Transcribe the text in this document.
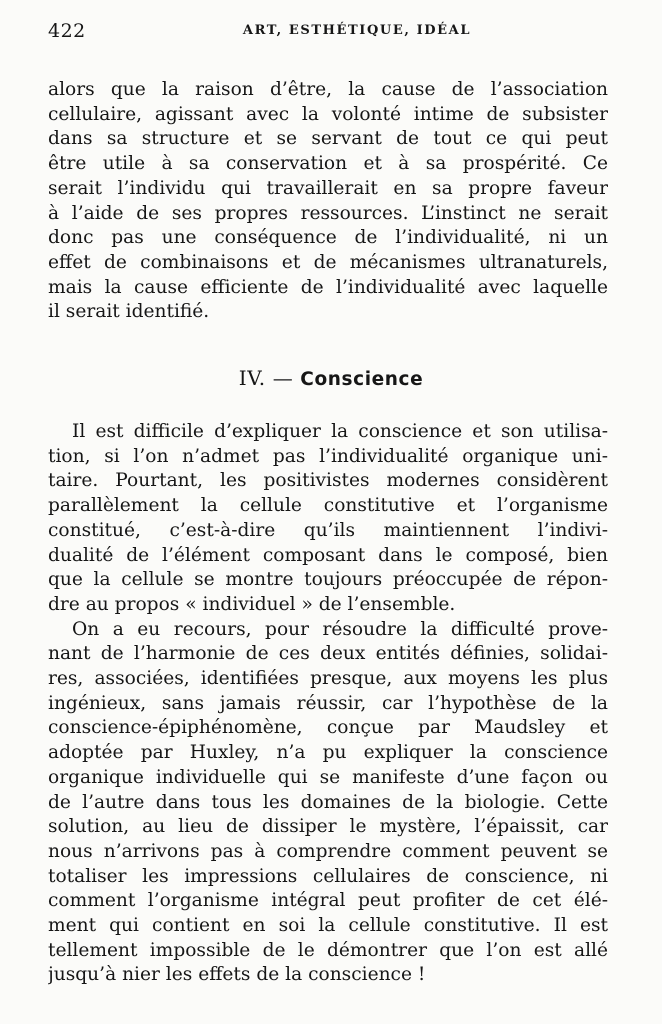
422	ART, ESTHÉTIQUE, IDÉAL
alors que la raison d’être, la cause de l’association
cellulaire, agissant avec la volonté intime de subsister
dans sa structure et se servant de tout ce qui peut
être utile à sa conservation et à sa prospérité. Ce
serait l’individu qui travaillerait en sa propre faveur
à l’aide de ses propres ressources. L’instinct ne serait
donc pas une conséquence de l’individualité, ni un
effet de combinaisons et de mécanismes ultranaturels,
mais la cause efficiente de l’individualité avec laquelle
il serait identifié.
IV. — Conscience
Il est difficile d’expliquer la conscience et son utilisa-
tion, si l’on n’admet pas l’individualité organique uni-
taire. Pourtant, les positivistes modernes considèrent
parallèlement la cellule constitutive et l’organisme
constitué, c’est-à-dire qu’ils maintiennent l’indivi-
dualité de l’élément composant dans le composé, bien
que la cellule se montre toujours préoccupée de répon-
dre au propos « individuel » de l’ensemble.
On a eu recours, pour résoudre la difficulté prove-
nant de l’harmonie de ces deux entités définies, solidai-
res, associées, identifiées presque, aux moyens les plus
ingénieux, sans jamais réussir, car l’hypothèse de la
conscience-épiphénomène, conçue par Maudsley et
adoptée par Huxley, n’a pu expliquer la conscience
organique individuelle qui se manifeste d’une façon ou
de l’autre dans tous les domaines de la biologie. Cette
solution, au lieu de dissiper le mystère, l’épaissit, car
nous n’arrivons pas à comprendre comment peuvent se
totaliser les impressions cellulaires de conscience, ni
comment l’organisme intégral peut profiter de cet élé-
ment qui contient en soi la cellule constitutive. Il est
tellement impossible de le démontrer que l’on est allé
jusqu’à nier les effets de la conscience !
